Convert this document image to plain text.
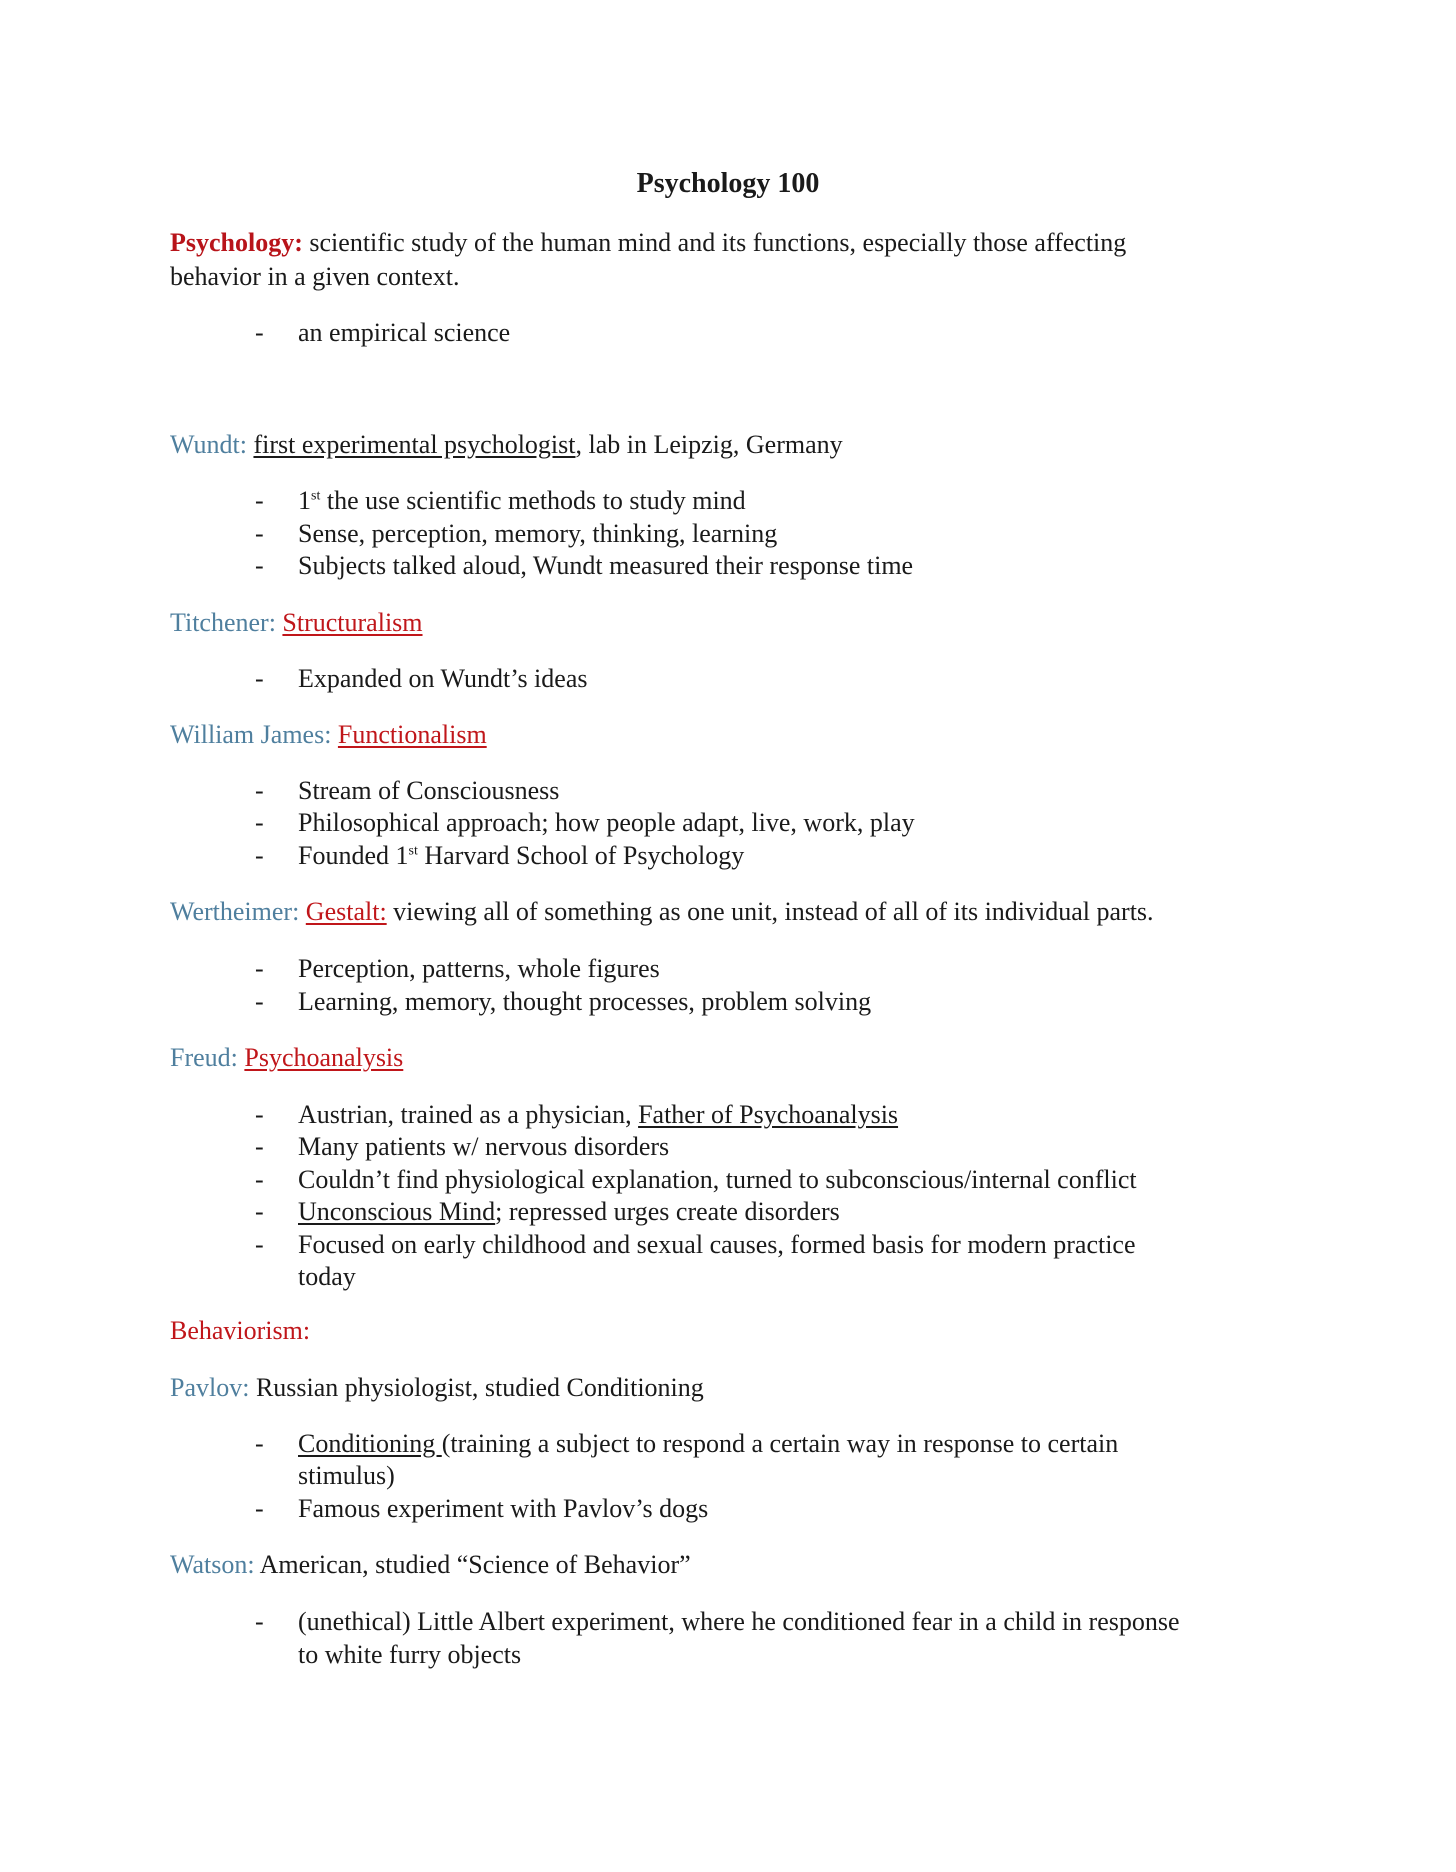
Psychology 100

Psychology: scientific study of the human mind and its functions, especially those affecting

behavior in a given context.

- an empirical science

Wundt: first experimental psychologist, lab in Leipzig, Germany

- 1st the use scientific methods to study mind
- Sense, perception, memory, thinking, learning
- Subjects talked aloud, Wundt measured their response time

Titchener: Structuralism

- Expanded on Wundt’s ideas

William James: Functionalism

- Stream of Consciousness
- Philosophical approach; how people adapt, live, work, play
- Founded 1st Harvard School of Psychology

Wertheimer: Gestalt: viewing all of something as one unit, instead of all of its individual parts.

- Perception, patterns, whole figures
- Learning, memory, thought processes, problem solving

Freud: Psychoanalysis

- Austrian, trained as a physician, Father of Psychoanalysis
- Many patients w/ nervous disorders
- Couldn’t find physiological explanation, turned to subconscious/internal conflict
- Unconscious Mind; repressed urges create disorders
- Focused on early childhood and sexual causes, formed basis for modern practice
today

Behaviorism:

Pavlov: Russian physiologist, studied Conditioning

- Conditioning (training a subject to respond a certain way in response to certain
stimulus)
- Famous experiment with Pavlov’s dogs

Watson: American, studied “Science of Behavior”

- (unethical) Little Albert experiment, where he conditioned fear in a child in response
to white furry objects
